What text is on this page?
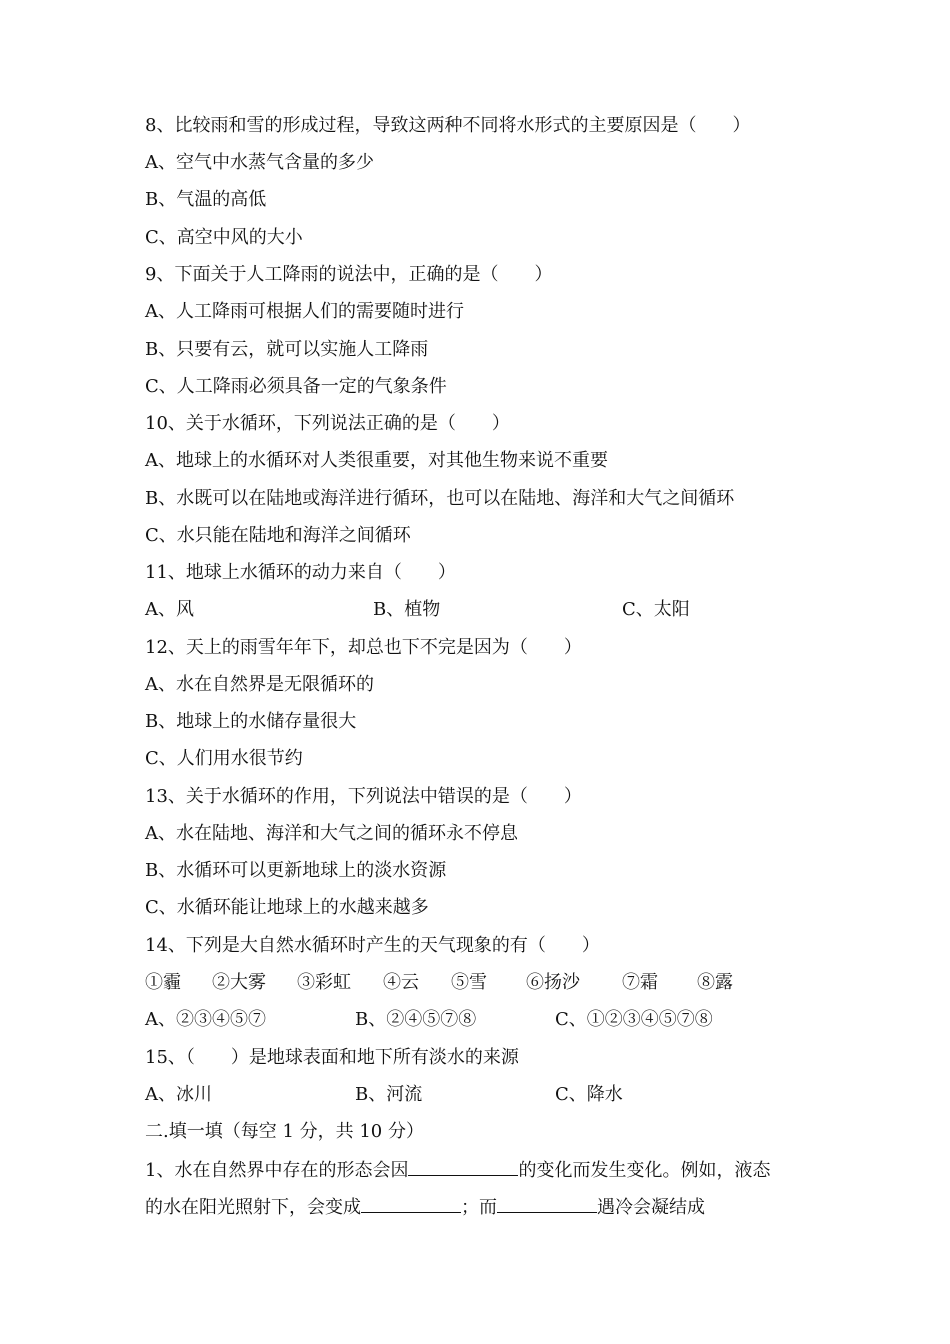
8、比较雨和雪的形成过程，导致这两种不同将水形式的主要原因是（　　）
A、空气中水蒸气含量的多少
B、气温的高低
C、高空中风的大小
9、下面关于人工降雨的说法中，正确的是（　　）
A、人工降雨可根据人们的需要随时进行
B、只要有云，就可以实施人工降雨
C、人工降雨必须具备一定的气象条件
10、关于水循环，下列说法正确的是（　　）
A、地球上的水循环对人类很重要，对其他生物来说不重要
B、水既可以在陆地或海洋进行循环，也可以在陆地、海洋和大气之间循环
C、水只能在陆地和海洋之间循环
11、地球上水循环的动力来自（　　）
A、风	B、植物	C、太阳
12、天上的雨雪年年下，却总也下不完是因为（　　）
A、水在自然界是无限循环的
B、地球上的水储存量很大
C、人们用水很节约
13、关于水循环的作用，下列说法中错误的是（　　）
A、水在陆地、海洋和大气之间的循环永不停息
B、水循环可以更新地球上的淡水资源
C、水循环能让地球上的水越来越多
14、下列是大自然水循环时产生的天气现象的有（　　）
①霾 ②大雾 ③彩虹 ④云 ⑤雪 ⑥扬沙 ⑦霜 ⑧露
A、②③④⑤⑦	B、②④⑤⑦⑧	C、①②③④⑤⑦⑧
15、（　　）是地球表面和地下所有淡水的来源
A、冰川	B、河流	C、降水
二.填一填（每空 1 分，共 10 分）
1、水在自然界中存在的形态会因	的变化而发生变化。例如，液态
的水在阳光照射下，会变成	；而	遇冷会凝结成
